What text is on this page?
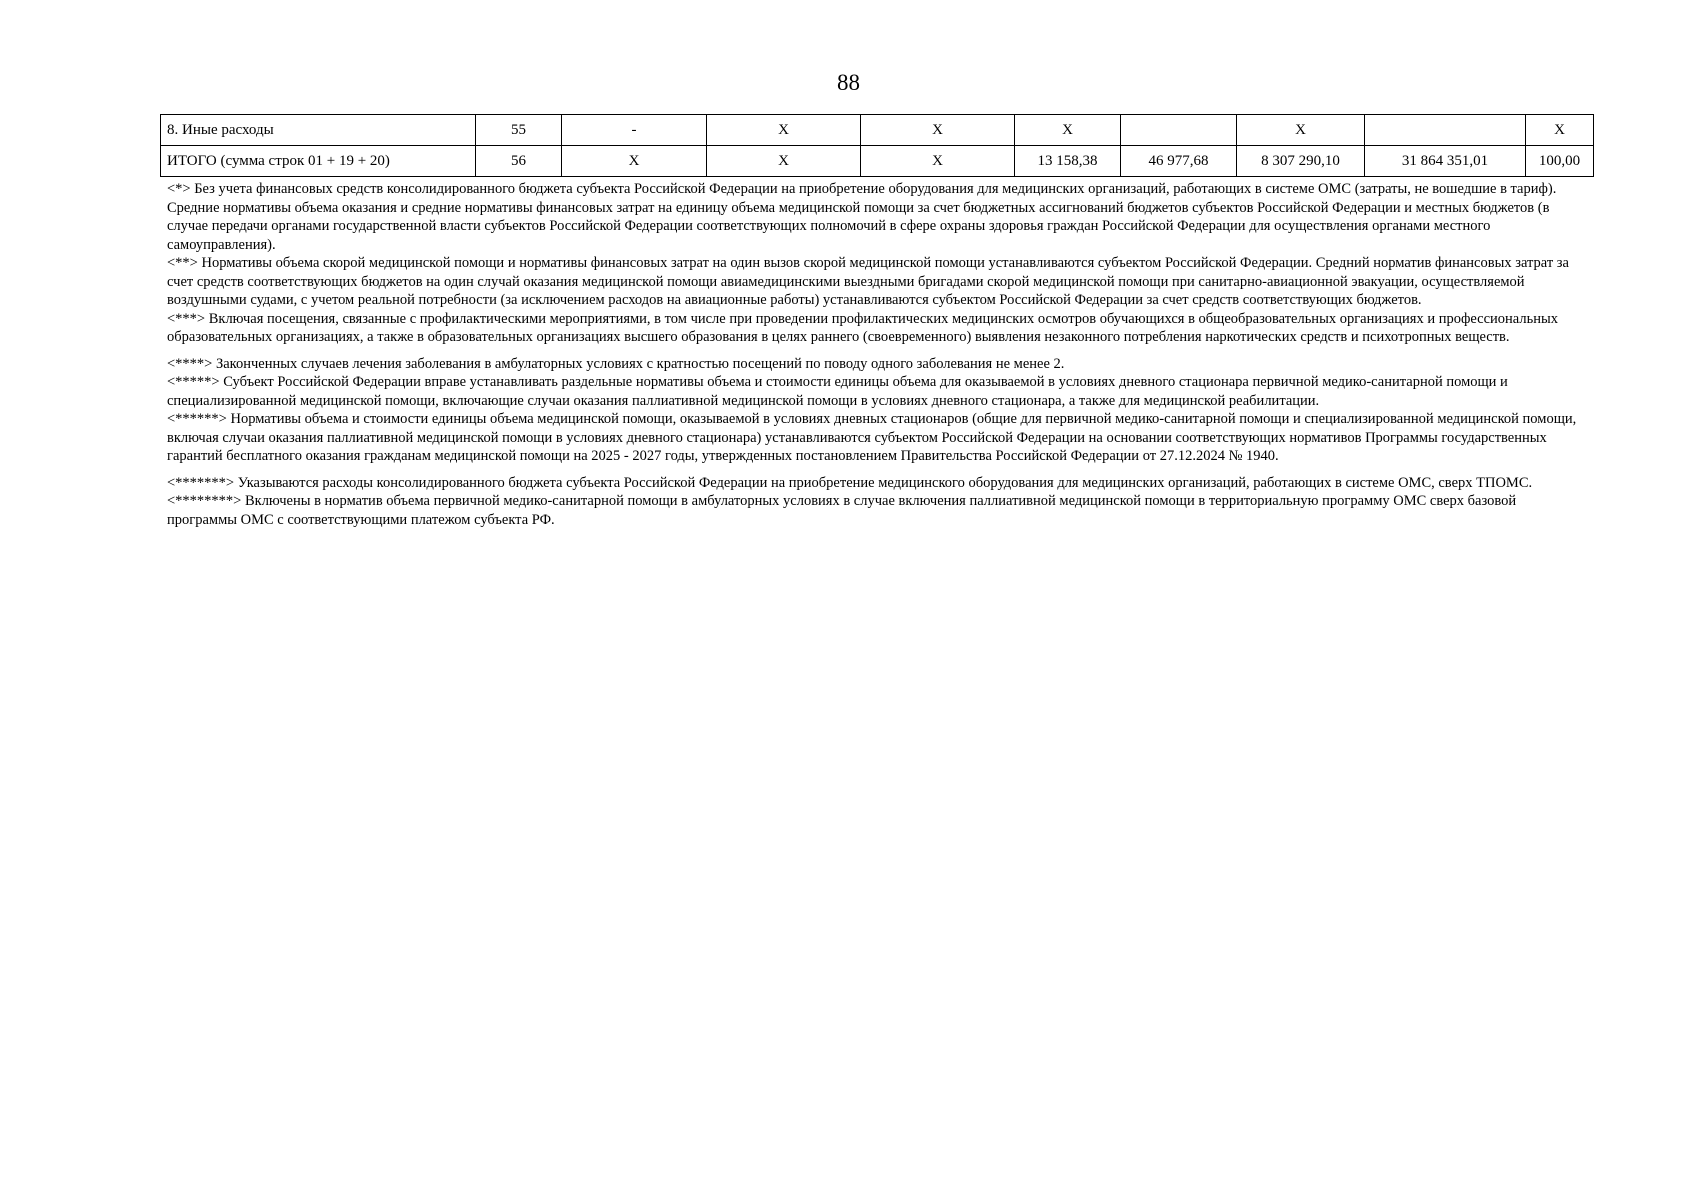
88
8. Иные расходы	55	-	X	X	X		X		X
ИТОГО (сумма строк 01 + 19 + 20)	56	X	X	X	13 158,38	46 977,68	8 307 290,10	31 864 351,01	100,00

<*> Без учета финансовых средств консолидированного бюджета субъекта Российской Федерации на приобретение оборудования для медицинских организаций, работающих в системе ОМС (затраты, не вошедшие в тариф). Средние нормативы объема оказания и средние нормативы финансовых затрат на единицу объема медицинской помощи за счет бюджетных ассигнований бюджетов субъектов Российской Федерации и местных бюджетов (в случае передачи органами государственной власти субъектов Российской Федерации соответствующих полномочий в сфере охраны здоровья граждан Российской Федерации для осуществления органами местного самоуправления).

<**> Нормативы объема скорой медицинской помощи и нормативы финансовых затрат на один вызов скорой медицинской помощи устанавливаются субъектом Российской Федерации. Средний норматив финансовых затрат за счет средств соответствующих бюджетов на один случай оказания медицинской помощи авиамедицинскими выездными бригадами скорой медицинской помощи при санитарно-авиационной эвакуации, осуществляемой воздушными судами, с учетом реальной потребности (за исключением расходов на авиационные работы) устанавливаются субъектом Российской Федерации за счет средств соответствующих бюджетов.

<***> Включая посещения, связанные с профилактическими мероприятиями, в том числе при проведении профилактических медицинских осмотров обучающихся в общеобразовательных организациях и профессиональных образовательных организациях, а также в образовательных организациях высшего образования в целях раннего (своевременного) выявления незаконного потребления наркотических средств и психотропных веществ.

<****> Законченных случаев лечения заболевания в амбулаторных условиях с кратностью посещений по поводу одного заболевания не менее 2.

<*****> Субъект Российской Федерации вправе устанавливать раздельные нормативы объема и стоимости единицы объема для оказываемой в условиях дневного стационара первичной медико-санитарной помощи и специализированной медицинской помощи, включающие случаи оказания паллиативной медицинской помощи в условиях дневного стационара, а также для медицинской реабилитации.

<******> Нормативы объема и стоимости единицы объема медицинской помощи, оказываемой в условиях дневных стационаров (общие для первичной медико-санитарной помощи и специализированной медицинской помощи, включая случаи оказания паллиативной медицинской помощи в условиях дневного стационара) устанавливаются субъектом Российской Федерации на основании соответствующих нормативов Программы государственных гарантий бесплатного оказания гражданам медицинской помощи на 2025 - 2027 годы, утвержденных постановлением Правительства Российской Федерации от 27.12.2024 № 1940.

<*******> Указываются расходы консолидированного бюджета субъекта Российской Федерации на приобретение медицинского оборудования для медицинских организаций, работающих в системе ОМС, сверх ТПОМС.

<********> Включены в норматив объема первичной медико-санитарной помощи в амбулаторных условиях в случае включения паллиативной медицинской помощи в территориальную программу ОМС сверх базовой программы ОМС с соответствующими платежом субъекта РФ.
